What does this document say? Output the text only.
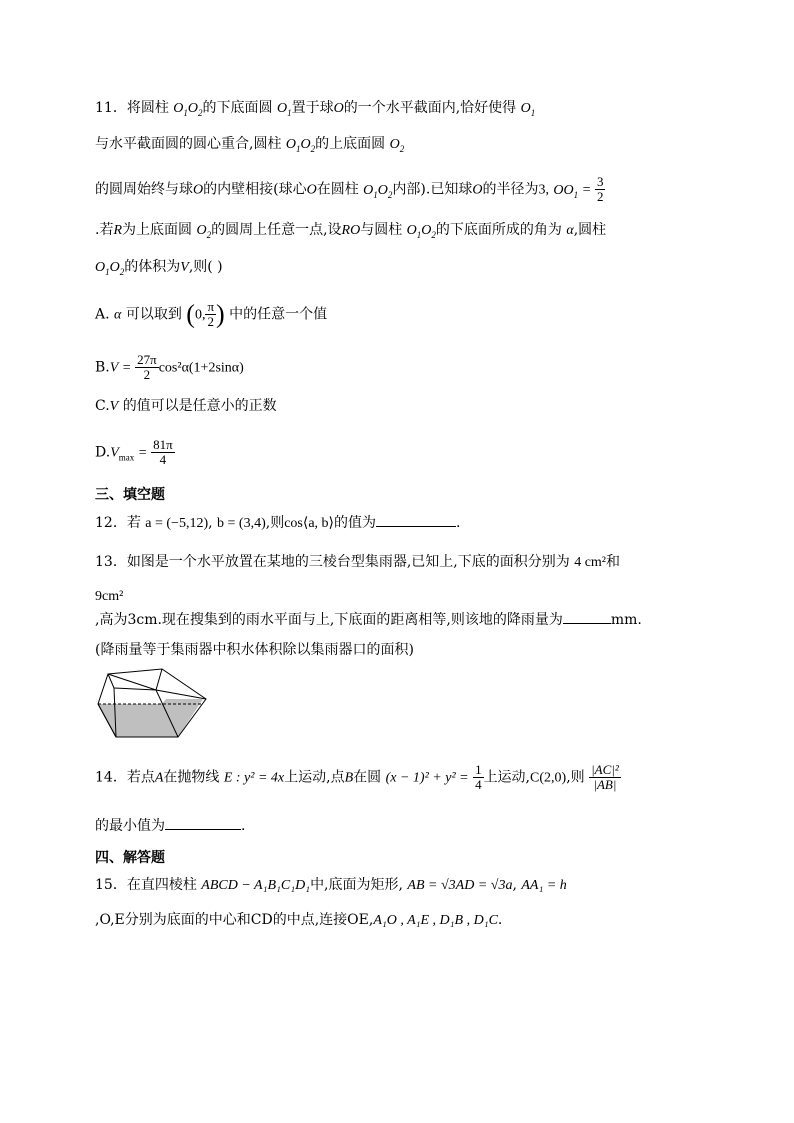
11．将圆柱 $O_1O_2$的下底面圆 $O_1$置于球O的一个水平截面内,恰好使得 $O_1$
与水平截面圆的圆心重合,圆柱 $O_1O_2$的上底面圆 $O_2$
的圆周始终与球O的内壁相接(球心O在圆柱 $O_1O_2$内部).已知球O的半径为3, $OO_1 = \frac{3}{2}$
.若R为上底面圆 $O_2$的圆周上任意一点,设RO与圆柱 $O_1O_2$的下底面所成的角为 α,圆柱
$O_1O_2$的体积为V,则( )
A. α 可以取到 (0, $\frac{\pi}{2}$ ) 中的任意一个值
$B.V = \frac{27\pi}{2} \cos^2\alpha(1+2\sin\alpha)$
C.V 的值可以是任意小的正数
$D.V_{max} = \frac{81\pi}{4}$
三、填空题
12．若 a = (−5,12), b = (3,4),则cos⟨a, b⟩的值为	.
13．如图是一个水平放置在某地的三棱台型集雨器,已知上,下底的面积分别为 4 cm²和
9cm²
,高为3cm.现在搜集到的雨水平面与上,下底面的距离相等,则该地的降雨量为	mm.
(降雨量等于集雨器中积水体积除以集雨器口的面积)
14．若点A在抛物线 E : y² = 4x上运动,点B在圆 $(x - 1)^2 + y^2 = \frac{1}{4}$ 上运动,C(2,0),则 $\frac{\text{|AC|²}}{|AB|}$
的最小值为	.
四、解答题
15．在直四棱柱 ABCD − A₁B₁C₁D₁中,底面为矩形, AB = √3AD = √3a, AA₁ = h
,O,E分别为底面的中心和CD的中点,连接OE,A₁O , A₁E , D₁B , D₁C.
